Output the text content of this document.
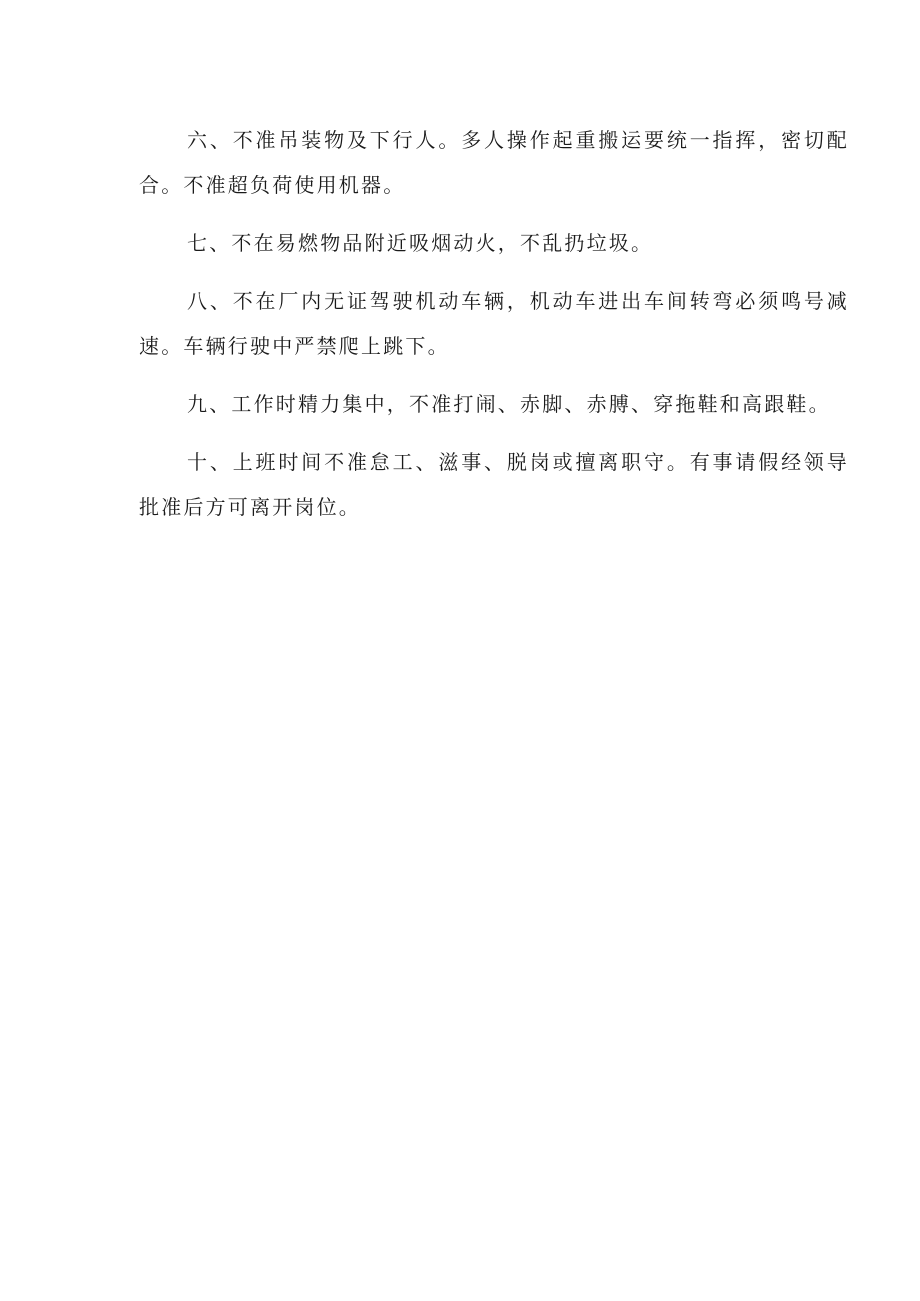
六、不准吊装物及下行人。多人操作起重搬运要统一指挥，密切配合。不准超负荷使用机器。

七、不在易燃物品附近吸烟动火，不乱扔垃圾。

八、不在厂内无证驾驶机动车辆，机动车进出车间转弯必须鸣号减速。车辆行驶中严禁爬上跳下。

九、工作时精力集中，不准打闹、赤脚、赤膊、穿拖鞋和高跟鞋。

十、上班时间不准怠工、滋事、脱岗或擅离职守。有事请假经领导批准后方可离开岗位。
